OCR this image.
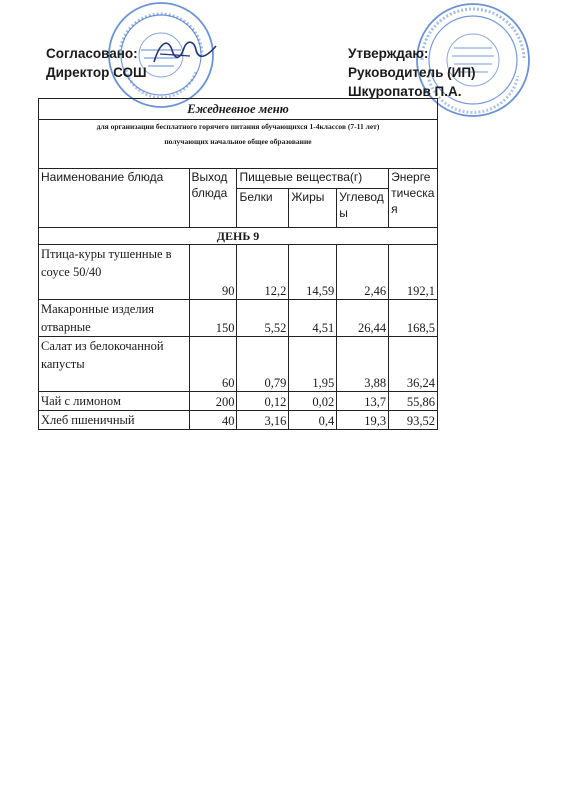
Согласовано:
Директор СОШ
Утверждаю:
Руководитель (ИП)
Шкуропатов П.А.
Ежедневное меню					
для организации бесплатного горячего питания обучающихся 1-4классов (7-11 лет)
получающих начальное общее образование					

Наименование блюда	Выход блюда	Пищевые вещества(г)			Энергетическая
		Белки	Жиры	Углеводы	
ДЕНЬ 9					
Птица-куры тушенные в соусе 50/40	90	12,2	14,59	2,46	192,1
Макаронные изделия отварные	150	5,52	4,51	26,44	168,5
Салат из белокочанной капусты	60	0,79	1,95	3,88	36,24
Чай с лимоном	200	0,12	0,02	13,7	55,86
Хлеб пшеничный	40	3,16	0,4	19,3	93,52
